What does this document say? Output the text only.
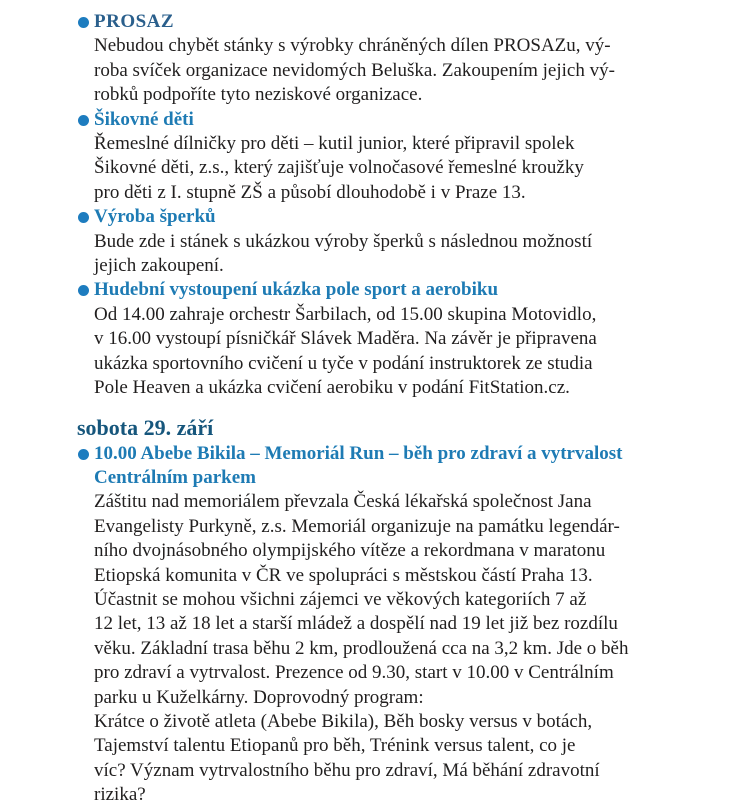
PROSAZ
Nebudou chybět stánky s výrobky chráněných dílen PROSAZu, vý-
roba svíček organizace nevidomých Beluška. Zakoupením jejich vý-
robků podpoříte tyto neziskové organizace.
Šikovné děti
Řemeslné dílničky pro děti – kutil junior, které připravil spolek
Šikovné děti, z.s., který zajišťuje volnočasové řemeslné kroužky
pro děti z I. stupně ZŠ a působí dlouhodobě i v Praze 13.
Výroba šperků
Bude zde i stánek s ukázkou výroby šperků s následnou možností
jejich zakoupení.
Hudební vystoupení ukázka pole sport a aerobiku
Od 14.00 zahraje orchestr Šarbilach, od 15.00 skupina Motovidlo,
v 16.00 vystoupí písničkář Slávek Maděra. Na závěr je připravena
ukázka sportovního cvičení u tyče v podání instruktorek ze studia
Pole Heaven a ukázka cvičení aerobiku v podání FitStation.cz.
sobota 29. září
10.00 Abebe Bikila – Memoriál Run – běh pro zdraví a vytrvalost
Centrálním parkem
Záštitu nad memoriálem převzala Česká lékařská společnost Jana
Evangelisty Purkyně, z.s. Memoriál organizuje na památku legendár-
ního dvojnásobného olympijského vítěze a rekordmana v maratonu
Etiopská komunita v ČR ve spolupráci s městskou částí Praha 13.
Účastnit se mohou všichni zájemci ve věkových kategoriích 7 až
12 let, 13 až 18 let a starší mládež a dospělí nad 19 let již bez rozdílu
věku. Základní trasa běhu 2 km, prodloužená cca na 3,2 km. Jde o běh
pro zdraví a vytrvalost. Prezence od 9.30, start v 10.00 v Centrálním
parku u Kuželkárny. Doprovodný program:
Krátce o životě atleta (Abebe Bikila), Běh bosky versus v botách,
Tajemství talentu Etiopanů pro běh, Trénink versus talent, co je
víc? Význam vytrvalostního běhu pro zdraví, Má běhání zdravotní
rizika?
